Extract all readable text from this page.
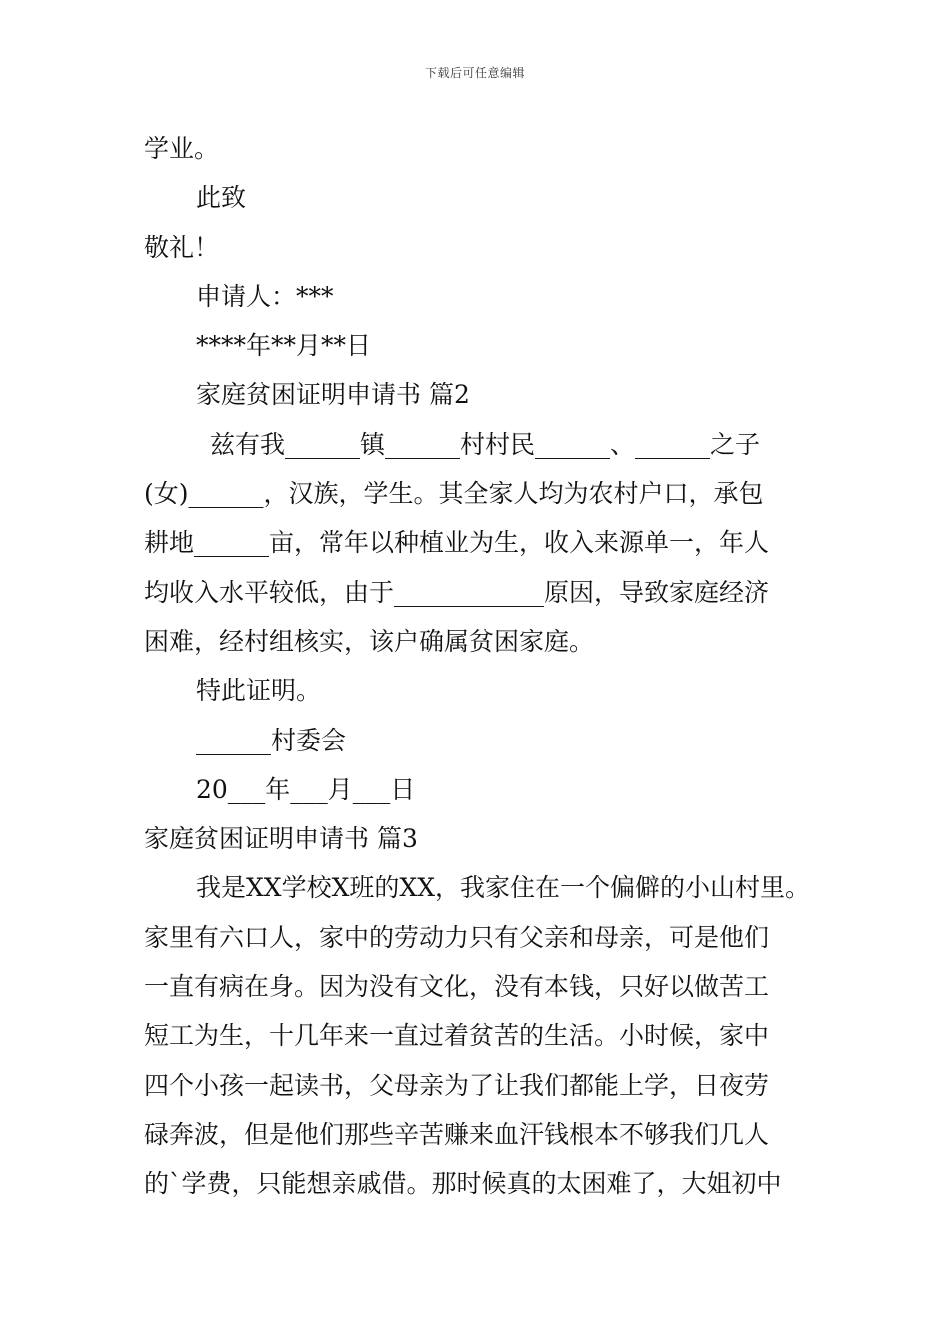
下载后可任意编辑
学业。
此致
敬礼！
申请人：***
****年**月**日
家庭贫困证明申请书 篇2
兹有我______镇______村村民______、______之子
(女)______，汉族，学生。其全家人均为农村户口，承包
耕地______亩，常年以种植业为生，收入来源单一，年人
均收入水平较低，由于____________原因，导致家庭经济
困难，经村组核实，该户确属贫困家庭。
特此证明。
______村委会
20___年___月___日
家庭贫困证明申请书 篇3
我是XX学校X班的XX，我家住在一个偏僻的小山村里。
家里有六口人，家中的劳动力只有父亲和母亲，可是他们
一直有病在身。因为没有文化，没有本钱，只好以做苦工
短工为生，十几年来一直过着贫苦的生活。小时候，家中
四个小孩一起读书，父母亲为了让我们都能上学，日夜劳
碌奔波，但是他们那些辛苦赚来血汗钱根本不够我们几人
的`学费，只能想亲戚借。那时候真的太困难了，大姐初中
